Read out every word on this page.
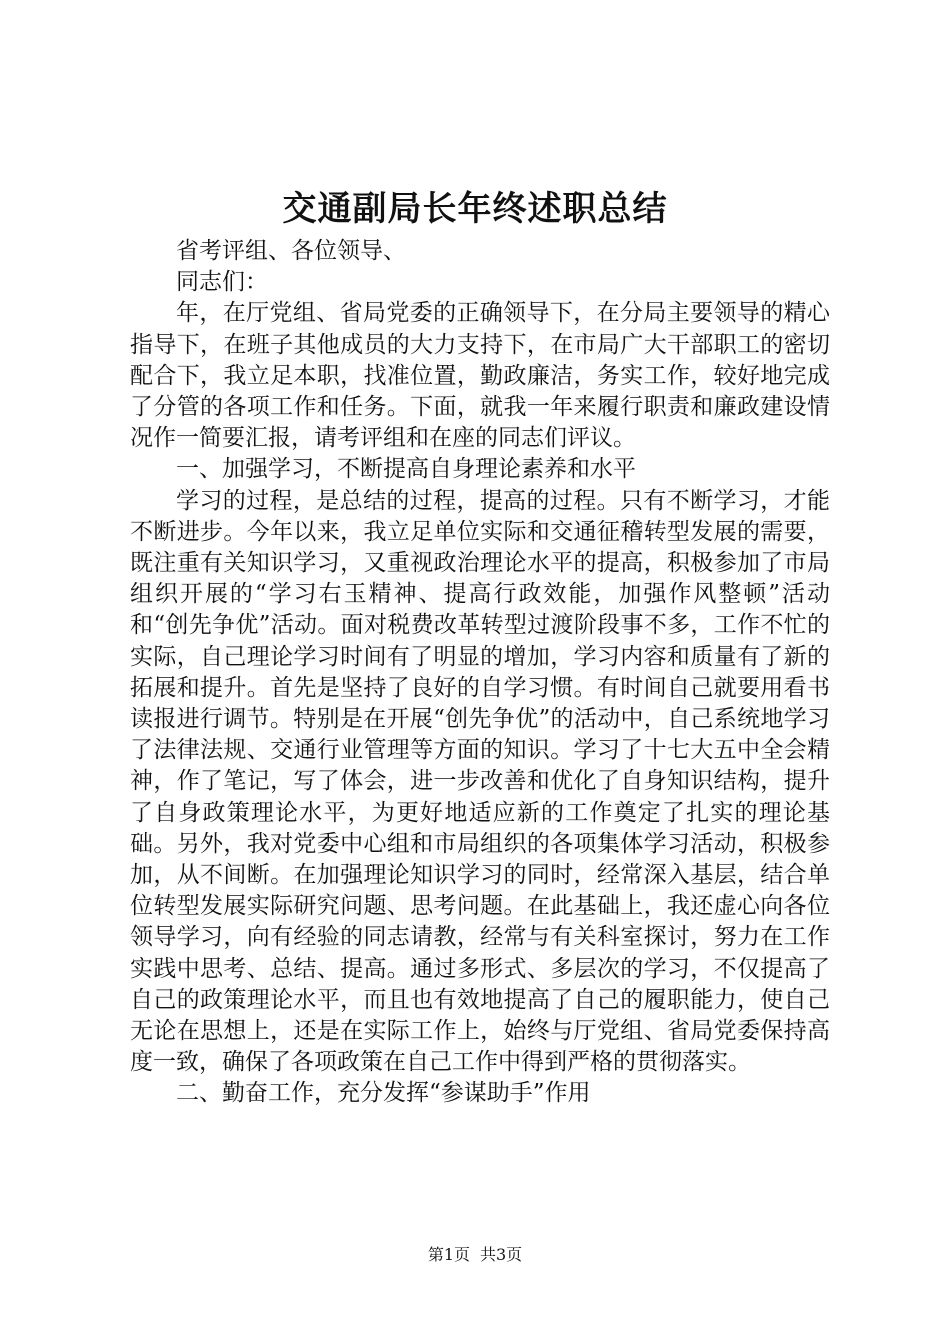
交通副局长年终述职总结

省考评组、各位领导、

同志们：

年，在厅党组、省局党委的正确领导下，在分局主要领导的精心指导下，在班子其他成员的大力支持下，在市局广大干部职工的密切配合下，我立足本职，找准位置，勤政廉洁，务实工作，较好地完成了分管的各项工作和任务。下面，就我一年来履行职责和廉政建设情况作一简要汇报，请考评组和在座的同志们评议。

一、加强学习，不断提高自身理论素养和水平

学习的过程，是总结的过程，提高的过程。只有不断学习，才能不断进步。今年以来，我立足单位实际和交通征稽转型发展的需要，既注重有关知识学习，又重视政治理论水平的提高，积极参加了市局组织开展的“学习右玉精神、提高行政效能，加强作风整顿”活动和“创先争优”活动。面对税费改革转型过渡阶段事不多，工作不忙的实际，自己理论学习时间有了明显的增加，学习内容和质量有了新的拓展和提升。首先是坚持了良好的自学习惯。有时间自己就要用看书读报进行调节。特别是在开展“创先争优”的活动中，自己系统地学习了法律法规、交通行业管理等方面的知识。学习了十七大五中全会精神，作了笔记，写了体会，进一步改善和优化了自身知识结构，提升了自身政策理论水平，为更好地适应新的工作奠定了扎实的理论基础。另外，我对党委中心组和市局组织的各项集体学习活动，积极参加，从不间断。在加强理论知识学习的同时，经常深入基层，结合单位转型发展实际研究问题、思考问题。在此基础上，我还虚心向各位领导学习，向有经验的同志请教，经常与有关科室探讨，努力在工作实践中思考、总结、提高。通过多形式、多层次的学习，不仅提高了自己的政策理论水平，而且也有效地提高了自己的履职能力，使自己无论在思想上，还是在实际工作上，始终与厅党组、省局党委保持高度一致，确保了各项政策在自己工作中得到严格的贯彻落实。

二、勤奋工作，充分发挥“参谋助手”作用

第1页 共3页
